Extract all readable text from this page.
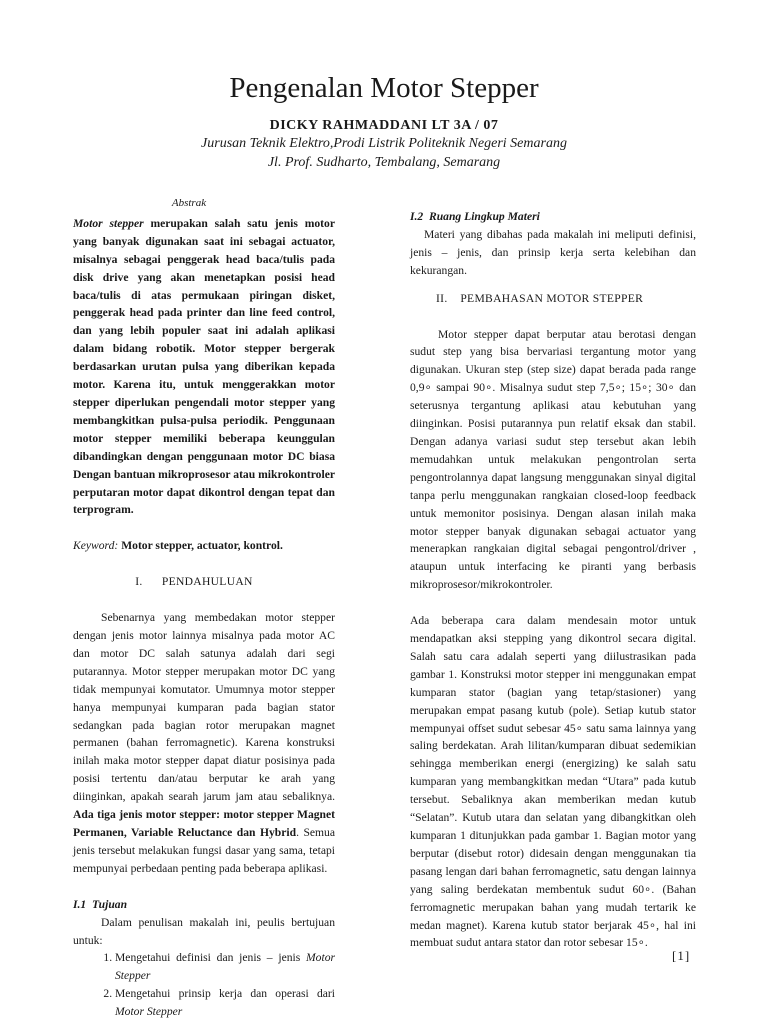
Pengenalan Motor Stepper
DICKY RAHMADDANI LT 3A / 07
Jurusan Teknik Elektro,Prodi Listrik Politeknik Negeri Semarang
Jl. Prof. Sudharto, Tembalang, Semarang
Abstrak

Motor stepper merupakan salah satu jenis motor yang banyak digunakan saat ini sebagai actuator, misalnya sebagai penggerak head baca/tulis pada disk drive yang akan menetapkan posisi head baca/tulis di atas permukaan piringan disket, penggerak head pada printer dan line feed control, dan yang lebih populer saat ini adalah aplikasi dalam bidang robotik. Motor stepper bergerak berdasarkan urutan pulsa yang diberikan kepada motor. Karena itu, untuk menggerakkan motor stepper diperlukan pengendali motor stepper yang membangkitkan pulsa-pulsa periodik. Penggunaan motor stepper memiliki beberapa keunggulan dibandingkan dengan penggunaan motor DC biasa Dengan bantuan mikroprosesor atau mikrokontroler perputaran motor dapat dikontrol dengan tepat dan terprogram.

Keyword: Motor stepper, actuator, kontrol.

I.      PENDAHULUAN

Sebenarnya yang membedakan motor stepper dengan jenis motor lainnya misalnya pada motor AC dan motor DC salah satunya adalah dari segi putarannya. Motor stepper merupakan motor DC yang tidak mempunyai komutator. Umumnya motor stepper hanya mempunyai kumparan pada bagian stator sedangkan pada bagian rotor merupakan magnet permanen (bahan ferromagnetic). Karena konstruksi inilah maka motor stepper dapat diatur posisinya pada posisi tertentu dan/atau berputar ke arah yang diinginkan, apakah searah jarum jam atau sebaliknya. Ada tiga jenis motor stepper: motor stepper Magnet Permanen, Variable Reluctance dan Hybrid. Semua jenis tersebut melakukan fungsi dasar yang sama, tetapi mempunyai perbedaan penting pada beberapa aplikasi.

I.1  Tujuan

Dalam penulisan makalah ini, peulis bertujuan untuk:

1. Mengetahui definisi dan jenis – jenis Motor Stepper
2. Mengetahui prinsip kerja dan operasi dari Motor Stepper
I.2  Ruang Lingkup Materi

Materi yang dibahas pada makalah ini meliputi definisi, jenis – jenis, dan prinsip kerja serta kelebihan dan kekurangan.

II.    PEMBAHASAN MOTOR STEPPER

Motor stepper dapat berputar atau berotasi dengan sudut step yang bisa bervariasi tergantung motor yang digunakan. Ukuran step (step size) dapat berada pada range 0,9∘ sampai 90∘. Misalnya sudut step 7,5∘; 15∘; 30∘ dan seterusnya tergantung aplikasi atau kebutuhan yang diinginkan. Posisi putarannya pun relatif eksak dan stabil. Dengan adanya variasi sudut step tersebut akan lebih memudahkan untuk melakukan pengontrolan serta pengontrolannya dapat langsung menggunakan sinyal digital tanpa perlu menggunakan rangkaian closed-loop feedback untuk memonitor posisinya. Dengan alasan inilah maka motor stepper banyak digunakan sebagai actuator yang menerapkan rangkaian digital sebagai pengontrol/driver , ataupun untuk interfacing ke piranti yang berbasis mikroprosesor/mikrokontroler.

Ada beberapa cara dalam mendesain motor untuk mendapatkan aksi stepping yang dikontrol secara digital. Salah satu cara adalah seperti yang diilustrasikan pada gambar 1. Konstruksi motor stepper ini menggunakan empat kumparan stator (bagian yang tetap/stasioner) yang merupakan empat pasang kutub (pole). Setiap kutub stator mempunyai offset sudut sebesar 45∘ satu sama lainnya yang saling berdekatan. Arah lilitan/kumparan dibuat sedemikian sehingga memberikan energi (energizing) ke salah satu kumparan yang membangkitkan medan “Utara” pada kutub tersebut. Sebaliknya akan memberikan medan kutub “Selatan”. Kutub utara dan selatan yang dibangkitkan oleh kumparan 1 ditunjukkan pada gambar 1. Bagian motor yang berputar (disebut rotor) didesain dengan menggunakan tia pasang lengan dari bahan ferromagnetic, satu dengan lainnya yang saling berdekatan membentuk sudut 60∘. (Bahan ferromagnetic merupakan bahan yang mudah tertarik ke medan magnet). Karena kutub stator berjarak 45∘, hal ini membuat sudut antara stator dan rotor sebesar 15∘.

[1]
